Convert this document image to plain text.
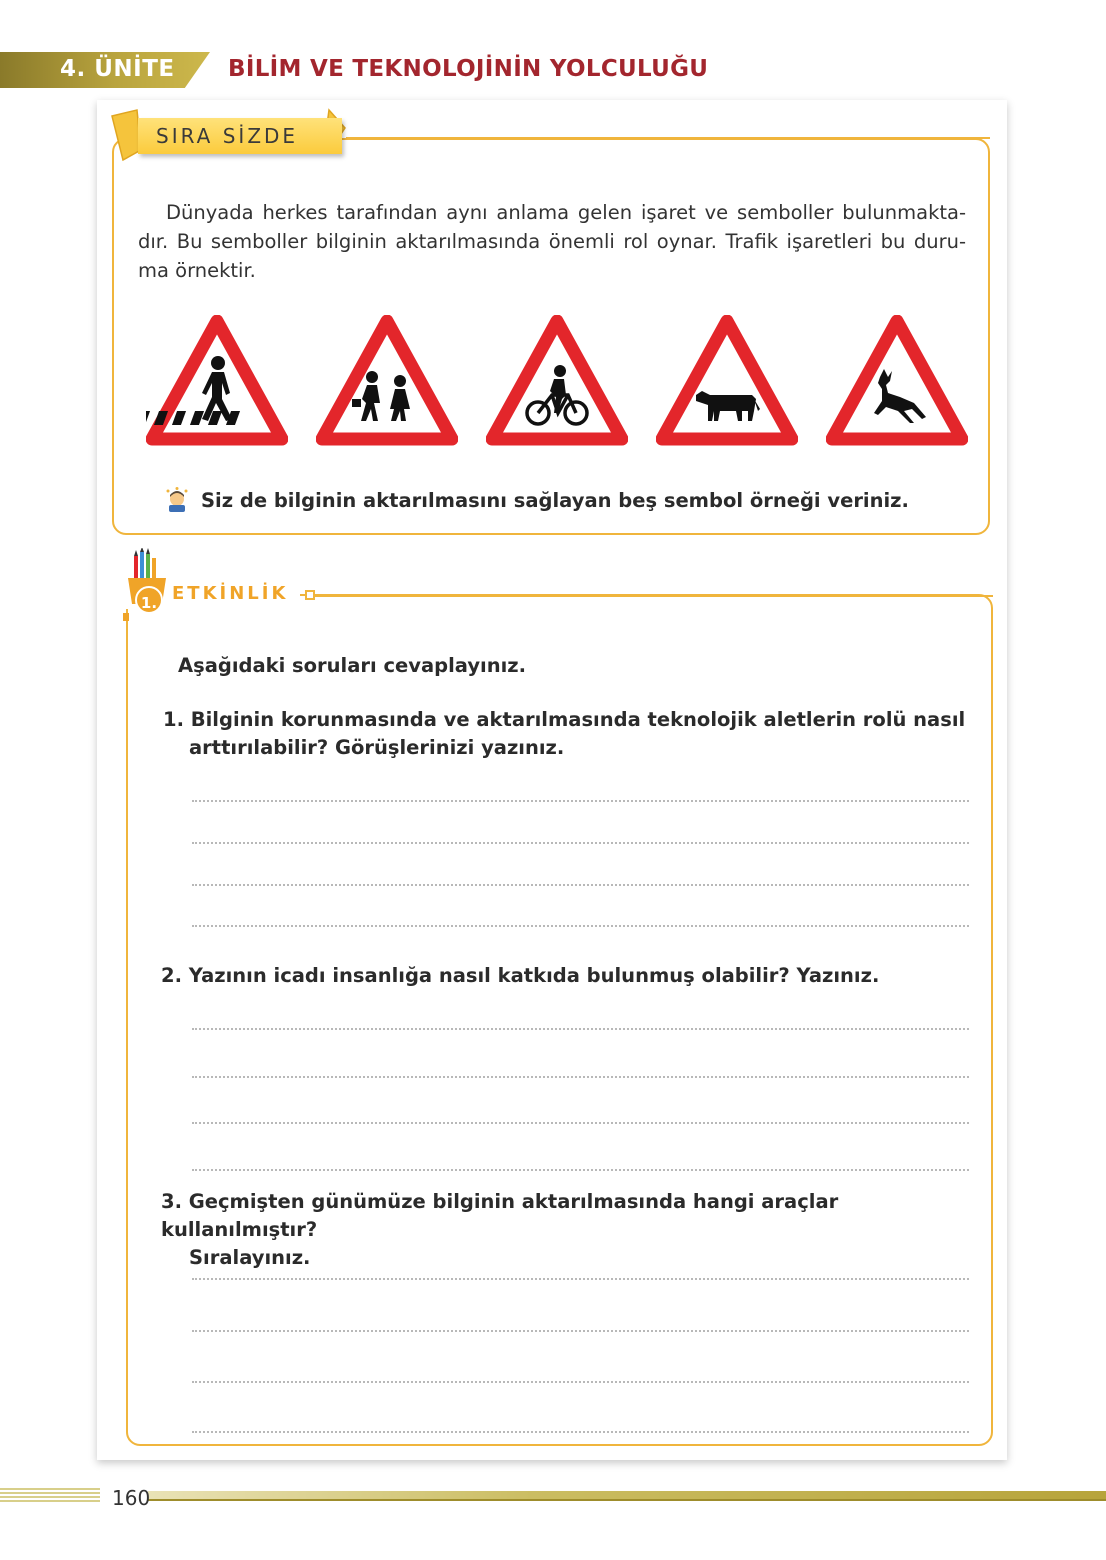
4. ÜNİTE BİLİM VE TEKNOLOJİNİN YOLCULUĞU
SIRA SİZDE
Dünyada herkes tarafından aynı anlama gelen işaret ve semboller bulunmakta- dır. Bu semboller bilginin aktarılmasında önemli rol oynar. Trafik işaretleri bu duru- ma örnektir.
Siz de bilginin aktarılmasını sağlayan beş sembol örneği veriniz.
1. ETKİNLİK
Aşağıdaki soruları cevaplayınız.
1. Bilginin korunmasında ve aktarılmasında teknolojik aletlerin rolü nasıl
arttırılabilir? Görüşlerinizi yazınız.
2. Yazının icadı insanlığa nasıl katkıda bulunmuş olabilir? Yazınız.
3. Geçmişten günümüze bilginin aktarılmasında hangi araçlar kullanılmıştır?
Sıralayınız.
160
